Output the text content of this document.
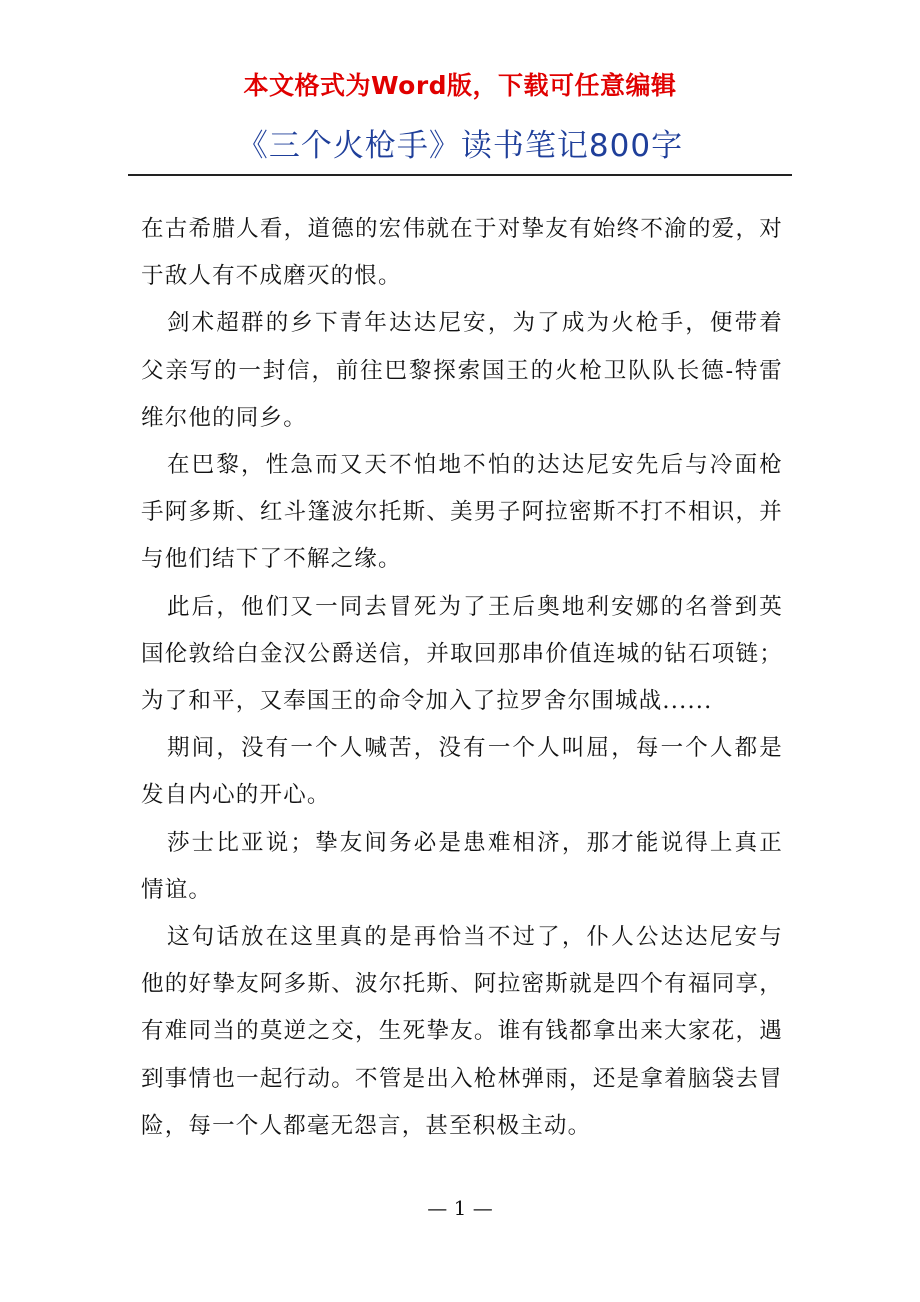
本文格式为Word版，下载可任意编辑
《三个火枪手》读书笔记800字

在古希腊人看，道德的宏伟就在于对挚友有始终不渝的爱，对于敌人有不成磨灭的恨。

剑术超群的乡下青年达达尼安，为了成为火枪手，便带着父亲写的一封信，前往巴黎探索国王的火枪卫队队长德-特雷维尔他的同乡。

在巴黎，性急而又天不怕地不怕的达达尼安先后与冷面枪手阿多斯、红斗篷波尔托斯、美男子阿拉密斯不打不相识，并与他们结下了不解之缘。

此后，他们又一同去冒死为了王后奥地利安娜的名誉到英国伦敦给白金汉公爵送信，并取回那串价值连城的钻石项链；为了和平，又奉国王的命令加入了拉罗舍尔围城战......

期间，没有一个人喊苦，没有一个人叫屈，每一个人都是发自内心的开心。

莎士比亚说；挚友间务必是患难相济，那才能说得上真正情谊。

这句话放在这里真的是再恰当不过了，仆人公达达尼安与他的好挚友阿多斯、波尔托斯、阿拉密斯就是四个有福同享，有难同当的莫逆之交，生死挚友。谁有钱都拿出来大家花，遇到事情也一起行动。不管是出入枪林弹雨，还是拿着脑袋去冒险，每一个人都毫无怨言，甚至积极主动。

— 1 —
